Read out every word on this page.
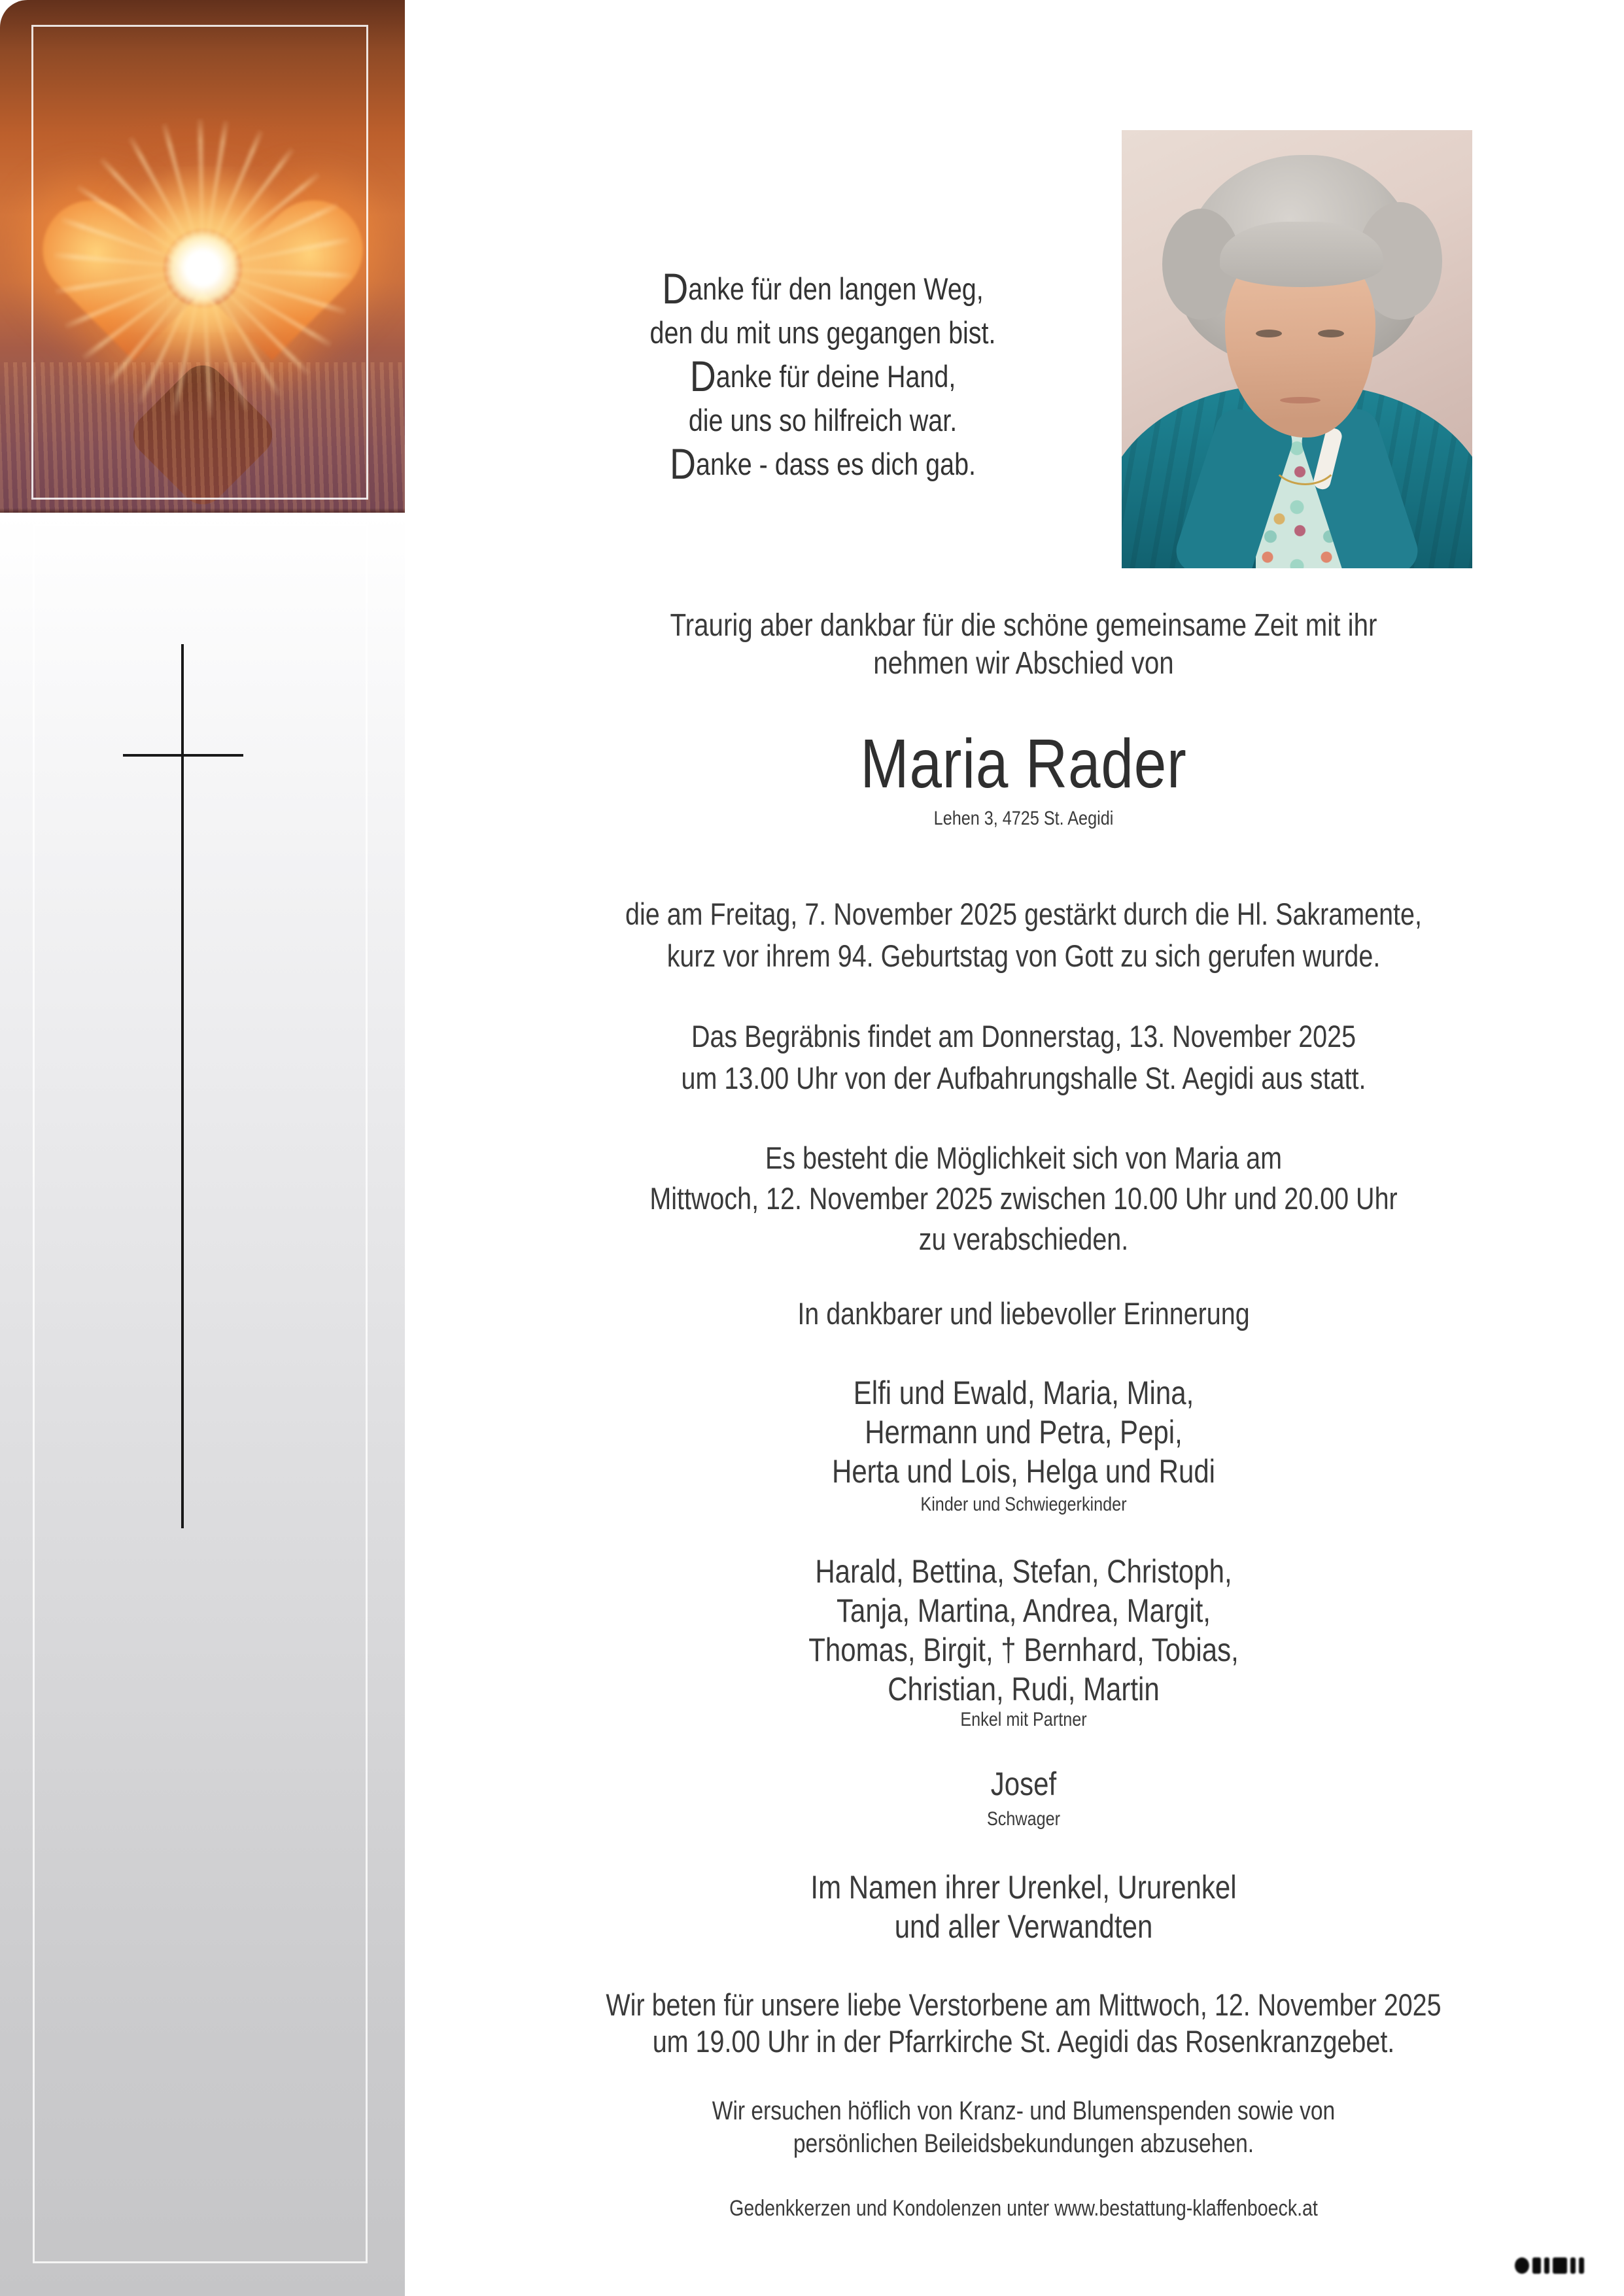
Danke für den langen Weg,
den du mit uns gegangen bist.
Danke für deine Hand,
die uns so hilfreich war.
Danke - dass es dich gab.
Traurig aber dankbar für die schöne gemeinsame Zeit mit ihr
nehmen wir Abschied von
Maria Rader
Lehen 3, 4725 St. Aegidi
die am Freitag, 7. November 2025 gestärkt durch die Hl. Sakramente,
kurz vor ihrem 94. Geburtstag von Gott zu sich gerufen wurde.
Das Begräbnis findet am Donnerstag, 13. November 2025
um 13.00 Uhr von der Aufbahrungshalle St. Aegidi aus statt.
Es besteht die Möglichkeit sich von Maria am
Mittwoch, 12. November 2025 zwischen 10.00 Uhr und 20.00 Uhr
zu verabschieden.
In dankbarer und liebevoller Erinnerung
Elfi und Ewald, Maria, Mina,
Hermann und Petra, Pepi,
Herta und Lois, Helga und Rudi
Kinder und Schwiegerkinder
Harald, Bettina, Stefan, Christoph,
Tanja, Martina, Andrea, Margit,
Thomas, Birgit, † Bernhard, Tobias,
Christian, Rudi, Martin
Enkel mit Partner
Josef
Schwager
Im Namen ihrer Urenkel, Ururenkel
und aller Verwandten
Wir beten für unsere liebe Verstorbene am Mittwoch, 12. November 2025
um 19.00 Uhr in der Pfarrkirche St. Aegidi das Rosenkranzgebet.
Wir ersuchen höflich von Kranz- und Blumenspenden sowie von
persönlichen Beileidsbekundungen abzusehen.
Gedenkkerzen und Kondolenzen unter www.bestattung-klaffenboeck.at
